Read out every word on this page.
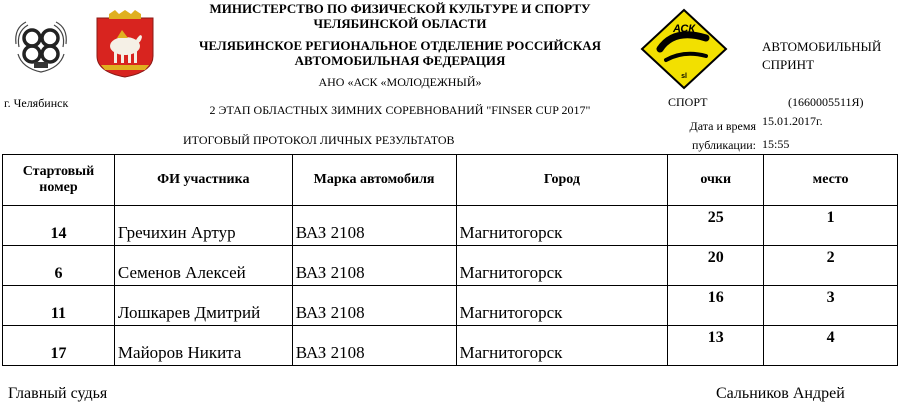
АСК
sl
МИНИСТЕРСТВО ПО ФИЗИЧЕСКОЙ КУЛЬТУРЕ И СПОРТУ
ЧЕЛЯБИНСКОЙ ОБЛАСТИ
ЧЕЛЯБИНСКОЕ РЕГИОНАЛЬНОЕ ОТДЕЛЕНИЕ РОССИЙСКАЯ
АВТОМОБИЛЬНАЯ ФЕДЕРАЦИЯ
АНО «АСК «МОЛОДЕЖНЫЙ»
АВТОМОБИЛЬНЫЙ
СПРИНТ
г. Челябинск	СПОРТ	(1660005511Я)
2 ЭТАП ОБЛАСТНЫХ ЗИМНИХ СОРЕВНОВАНИЙ "FINSER CUP 2017"
ИТОГОВЫЙ ПРОТОКОЛ ЛИЧНЫХ РЕЗУЛЬТАТОВ
Дата и время
публикации:
15.01.2017г.
15:55
Стартовый номер	ФИ участника	Марка автомобиля	Город	очки	место
14	Гречихин Артур	ВАЗ 2108	Магнитогорск	25	1
6	Семенов Алексей	ВАЗ 2108	Магнитогорск	20	2
11	Лошкарев Дмитрий	ВАЗ 2108	Магнитогорск	16	3
17	Майоров Никита	ВАЗ 2108	Магнитогорск	13	4
Главный судья	Сальников Андрей
